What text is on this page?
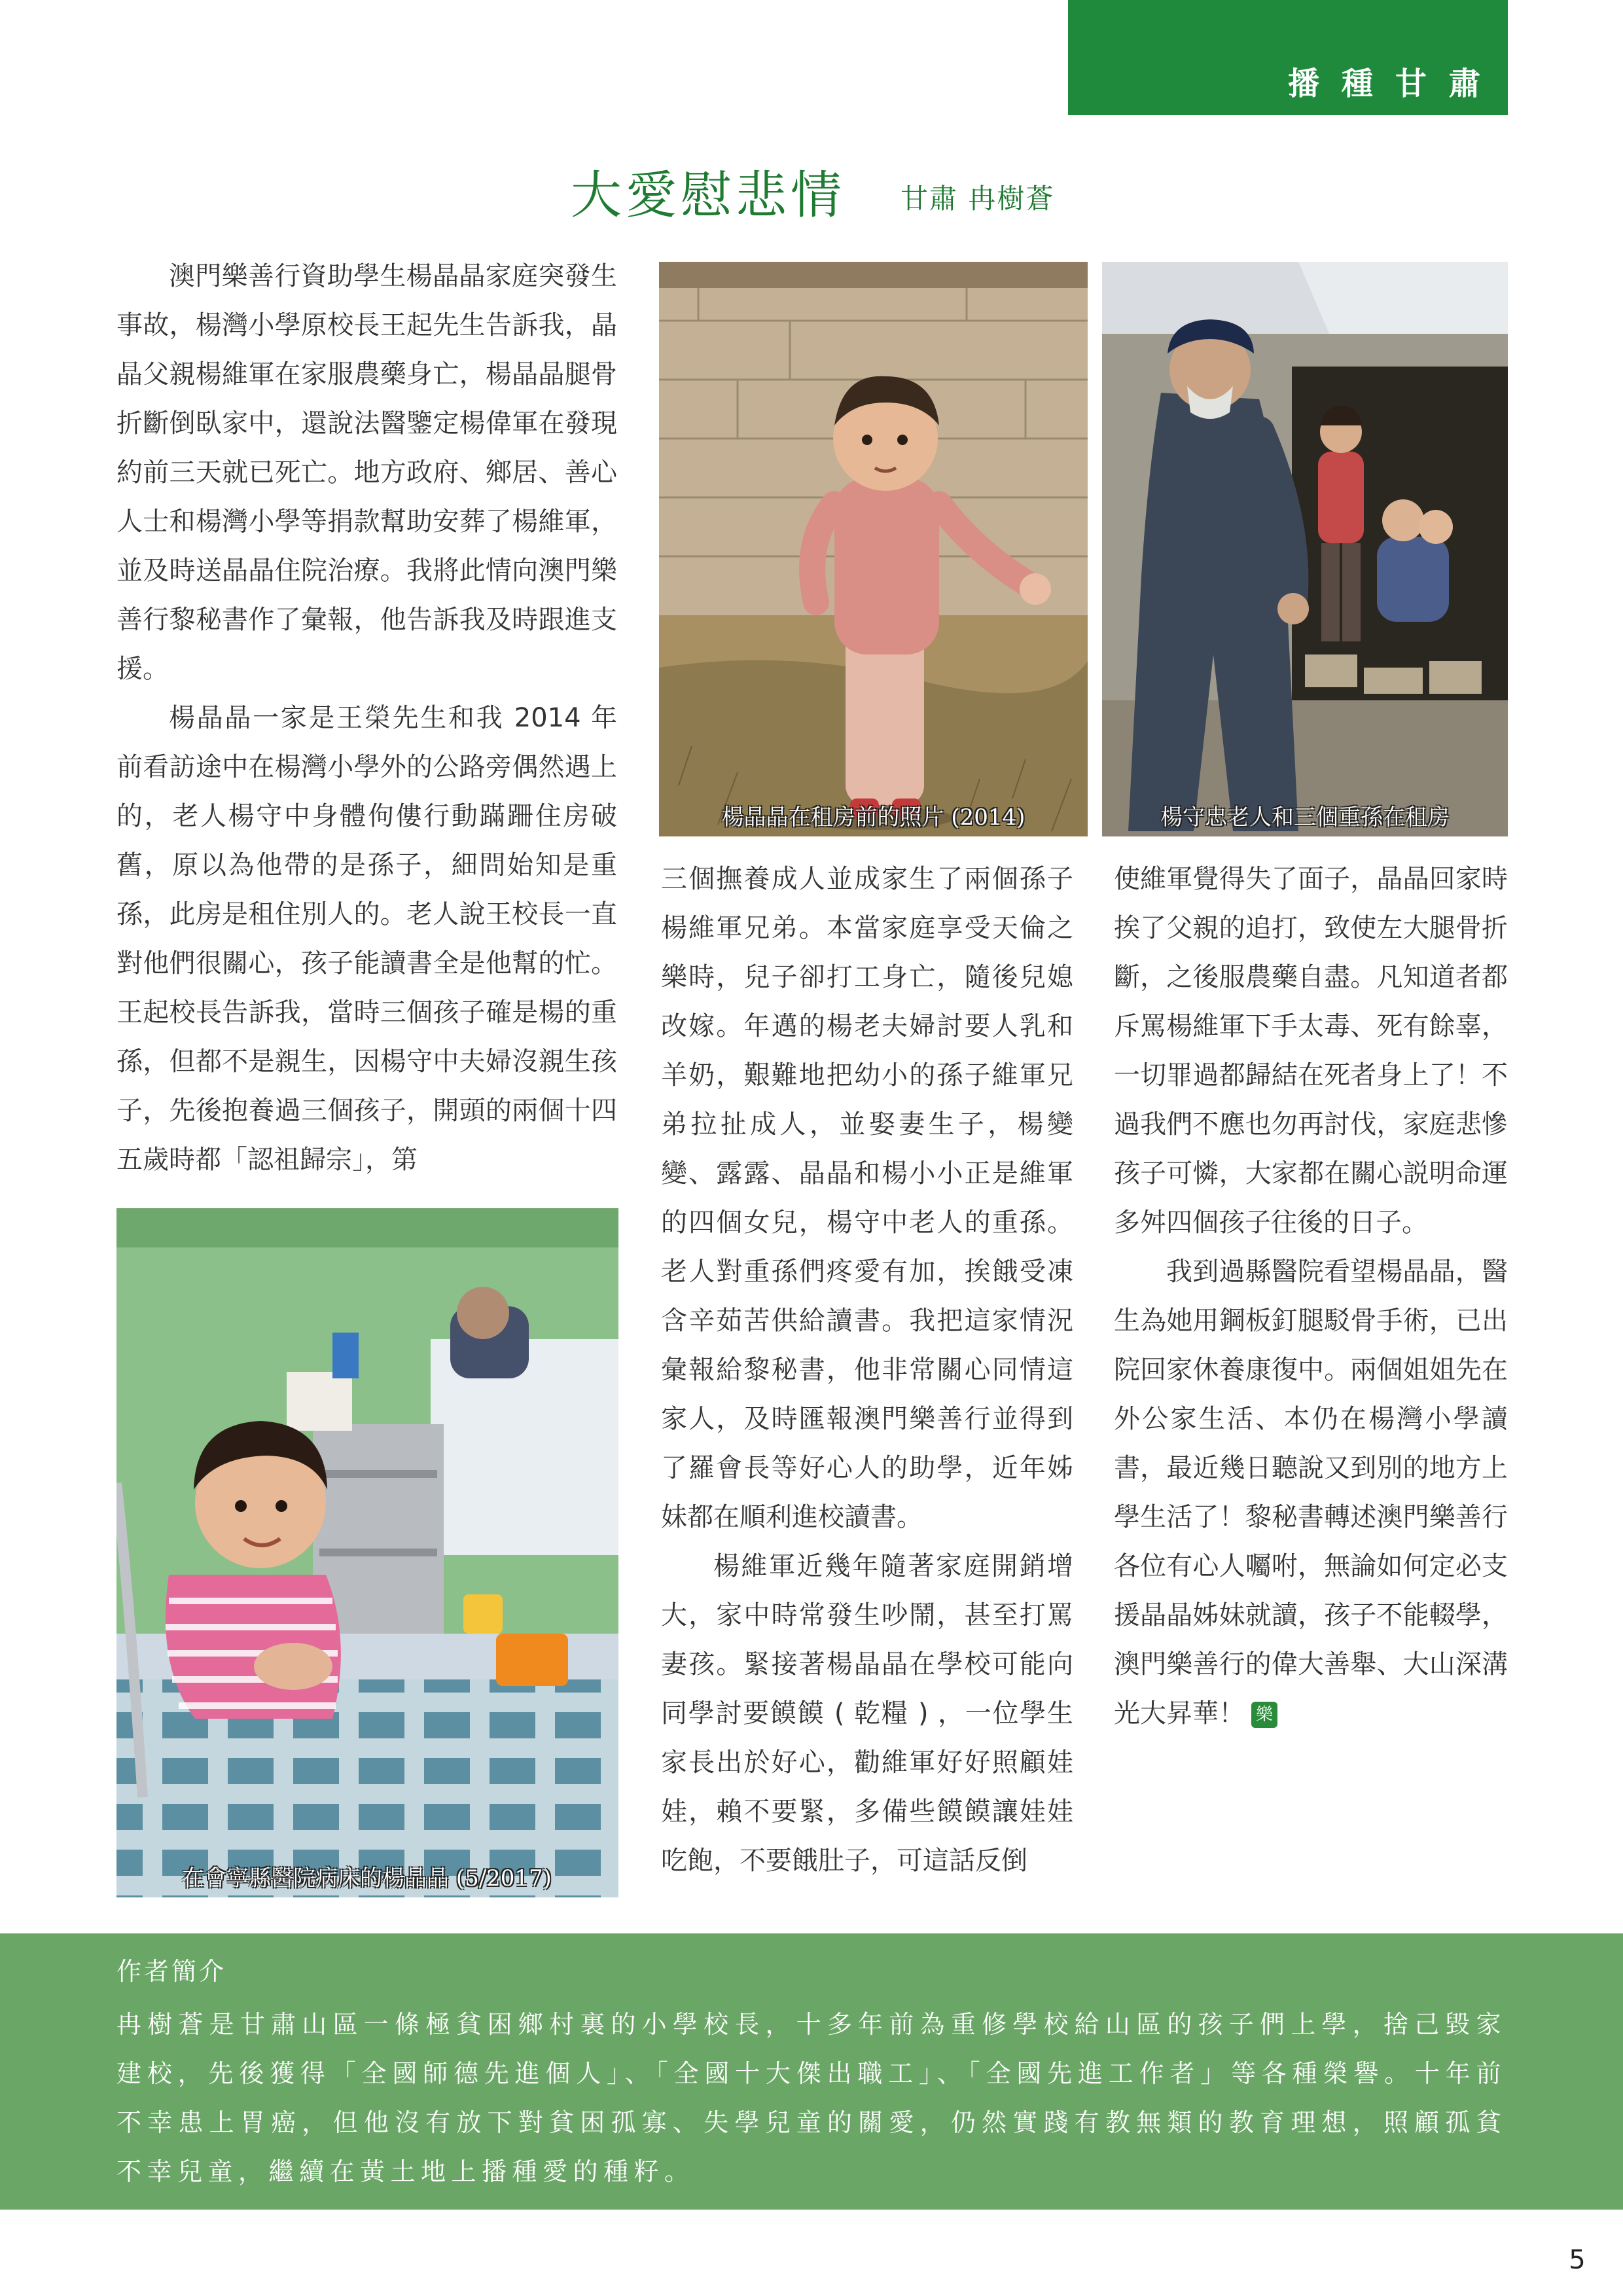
播種甘肅
大愛慰悲情 甘肅 冉樹蒼

澳門樂善行資助學生楊晶晶家庭突發生事故，楊灣小學原校長王起先生告訴我，晶晶父親楊維軍在家服農藥身亡，楊晶晶腿骨折斷倒臥家中，還說法醫鑒定楊偉軍在發現約前三天就已死亡。地方政府、鄉居、善心人士和楊灣小學等捐款幫助安葬了楊維軍，並及時送晶晶住院治療。我將此情向澳門樂善行黎秘書作了彙報，他告訴我及時跟進支援。

楊晶晶一家是王榮先生和我 2014 年前看訪途中在楊灣小學外的公路旁偶然遇上的，老人楊守中身體佝僂行動蹣跚住房破舊，原以為他帶的是孫子，細問始知是重孫，此房是租住別人的。老人說王校長一直對他們很關心，孩子能讀書全是他幫的忙。王起校長告訴我，當時三個孩子確是楊的重孫，但都不是親生，因楊守中夫婦沒親生孩子，先後抱養過三個孩子，開頭的兩個十四五歲時都「認祖歸宗」，第

三個撫養成人並成家生了兩個孫子楊維軍兄弟。本當家庭享受天倫之樂時，兒子卻打工身亡，隨後兒媳改嫁。年邁的楊老夫婦討要人乳和羊奶，艱難地把幼小的孫子維軍兄弟拉扯成人，並娶妻生子，楊變變、露露、晶晶和楊小小正是維軍的四個女兒，楊守中老人的重孫。老人對重孫們疼愛有加，挨餓受凍含辛茹苦供給讀書。我把這家情況彙報給黎秘書，他非常關心同情這家人，及時匯報澳門樂善行並得到了羅會長等好心人的助學，近年姊妹都在順利進校讀書。

楊維軍近幾年隨著家庭開銷增大，家中時常發生吵鬧，甚至打罵妻孩。緊接著楊晶晶在學校可能向同學討要饃饃 ( 乾糧 ) ，一位學生家長出於好心，勸維軍好好照顧娃娃，賴不要緊，多備些饃饃讓娃娃吃飽，不要餓肚子，可這話反倒

使維軍覺得失了面子，晶晶回家時挨了父親的追打，致使左大腿骨折斷，之後服農藥自盡。凡知道者都斥罵楊維軍下手太毒、死有餘辜，一切罪過都歸結在死者身上了！不過我們不應也勿再討伐，家庭悲慘孩子可憐，大家都在關心説明命運多舛四個孩子往後的日子。

我到過縣醫院看望楊晶晶，醫生為她用鋼板釘腿駁骨手術，已出院回家休養康復中。兩個姐姐先在外公家生活、本仍在楊灣小學讀書，最近幾日聽說又到別的地方上學生活了！黎秘書轉述澳門樂善行各位有心人囑咐，無論如何定必支援晶晶姊妹就讀，孩子不能輟學，澳門樂善行的偉大善舉、大山深溝光大昇華！ 樂

楊晶晶在租房前的照片 (2014)	楊守忠老人和三個重孫在租房
在會寧縣醫院病床的楊晶晶 (5/2017)
作者簡介
冉樹蒼是甘肅山區一條極貧困鄉村裏的小學校長，十多年前為重修學校給山區的孩子們上學，捨己毀家建校，先後獲得「全國師德先進個人」、「全國十大傑出職工」、「全國先進工作者」等各種榮譽。十年前不幸患上胃癌，但他沒有放下對貧困孤寡、失學兒童的關愛，仍然實踐有教無類的教育理想，照顧孤貧不幸兒童，繼續在黃土地上播種愛的種籽。
5
